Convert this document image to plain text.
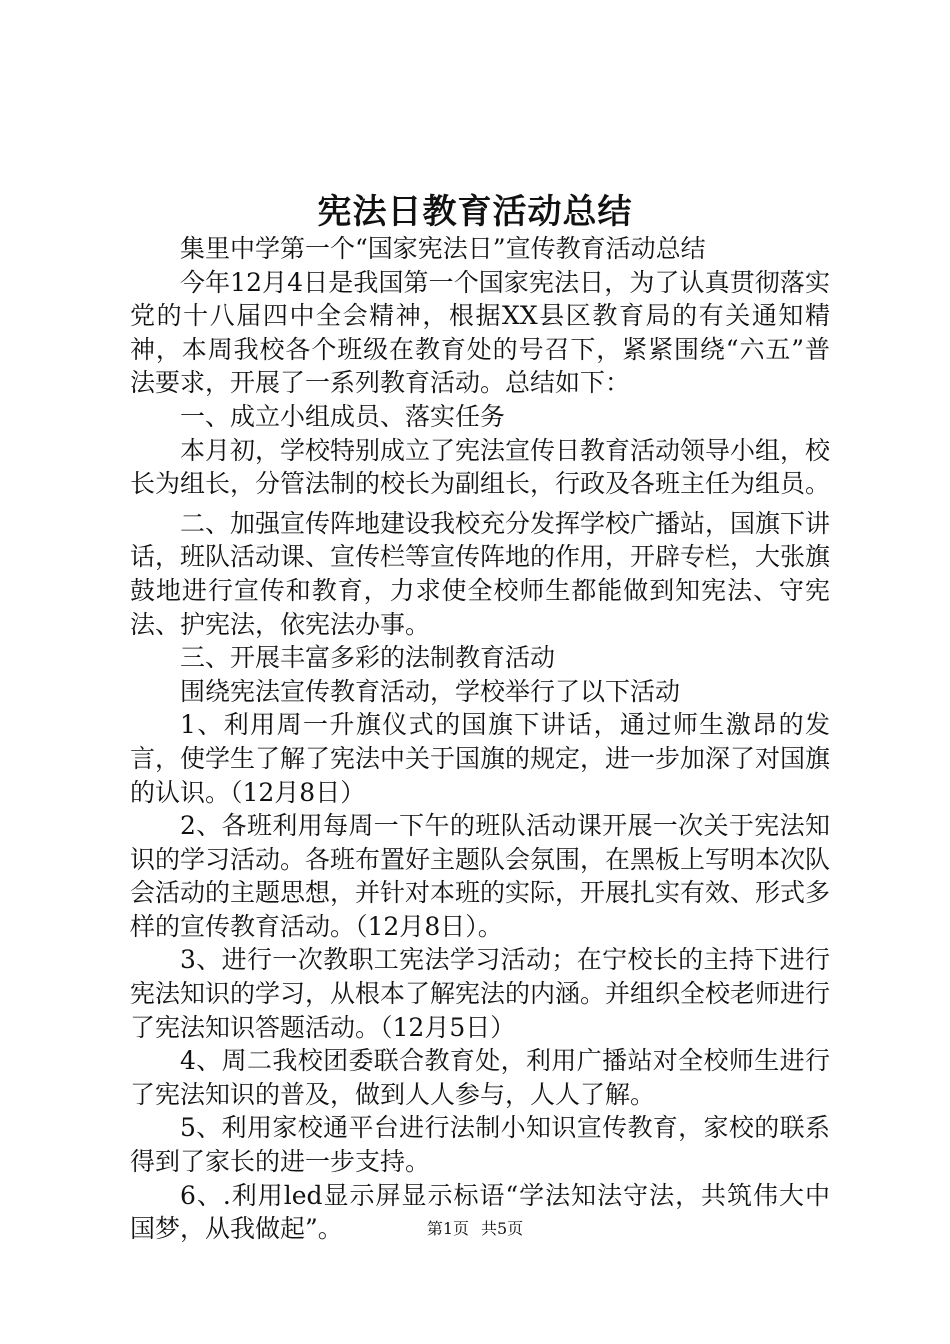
宪法日教育活动总结

集里中学第一个“国家宪法日”宣传教育活动总结

今年12月4日是我国第一个国家宪法日，为了认真贯彻落实党的十八届四中全会精神，根据XX县区教育局的有关通知精神，本周我校各个班级在教育处的号召下，紧紧围绕“六五”普法要求，开展了一系列教育活动。总结如下：

一、成立小组成员、落实任务

本月初，学校特别成立了宪法宣传日教育活动领导小组，校长为组长，分管法制的校长为副组长，行政及各班主任为组员。

二、加强宣传阵地建设我校充分发挥学校广播站，国旗下讲话，班队活动课、宣传栏等宣传阵地的作用，开辟专栏，大张旗鼓地进行宣传和教育，力求使全校师生都能做到知宪法、守宪法、护宪法，依宪法办事。

三、开展丰富多彩的法制教育活动

围绕宪法宣传教育活动，学校举行了以下活动

1、利用周一升旗仪式的国旗下讲话，通过师生激昂的发言，使学生了解了宪法中关于国旗的规定，进一步加深了对国旗的认识。（12月8日）

2、各班利用每周一下午的班队活动课开展一次关于宪法知识的学习活动。各班布置好主题队会氛围，在黑板上写明本次队会活动的主题思想，并针对本班的实际，开展扎实有效、形式多样的宣传教育活动。（12月8日）。

3、进行一次教职工宪法学习活动；在宁校长的主持下进行宪法知识的学习，从根本了解宪法的内涵。并组织全校老师进行了宪法知识答题活动。（12月5日）

4、周二我校团委联合教育处，利用广播站对全校师生进行了宪法知识的普及，做到人人参与，人人了解。

5、利用家校通平台进行法制小知识宣传教育，家校的联系得到了家长的进一步支持。

6、.利用led显示屏显示标语“学法知法守法，共筑伟大中国梦，从我做起”。	第1页 共5页
